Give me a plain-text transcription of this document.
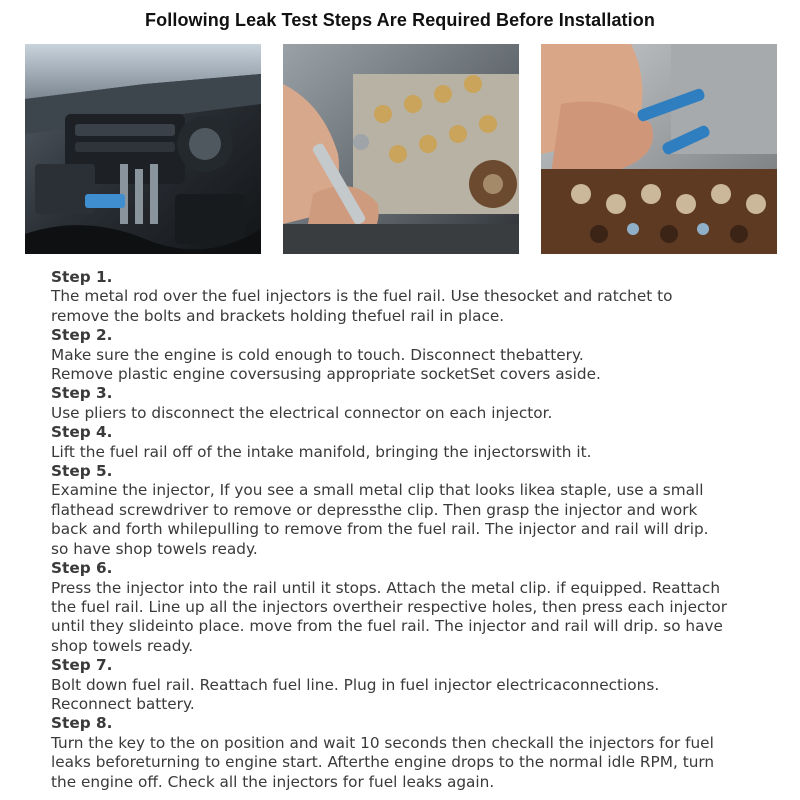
Following Leak Test Steps Are Required Before Installation
Step 1.
The metal rod over the fuel injectors is the fuel rail. Use thesocket and ratchet to
remove the bolts and brackets holding thefuel rail in place.
Step 2.
Make sure the engine is cold enough to touch. Disconnect thebattery.
Remove plastic engine coversusing appropriate socketSet covers aside.
Step 3.
Use pliers to disconnect the electrical connector on each injector.
Step 4.
Lift the fuel rail off of the intake manifold, bringing the injectorswith it.
Step 5.
Examine the injector, If you see a small metal clip that looks likea staple, use a small
flathead screwdriver to remove or depressthe clip. Then grasp the injector and work
back and forth whilepulling to remove from the fuel rail. The injector and rail will drip.
so have shop towels ready.
Step 6.
Press the injector into the rail until it stops. Attach the metal clip. if equipped. Reattach
the fuel rail. Line up all the injectors overtheir respective holes, then press each injector
until they slideinto place. move from the fuel rail. The injector and rail will drip. so have
shop towels ready.
Step 7.
Bolt down fuel rail. Reattach fuel line. Plug in fuel injector electricaconnections.
Reconnect battery.
Step 8.
Turn the key to the on position and wait 10 seconds then checkall the injectors for fuel
leaks beforeturning to engine start. Afterthe engine drops to the normal idle RPM, turn
the engine off. Check all the injectors for fuel leaks again.
